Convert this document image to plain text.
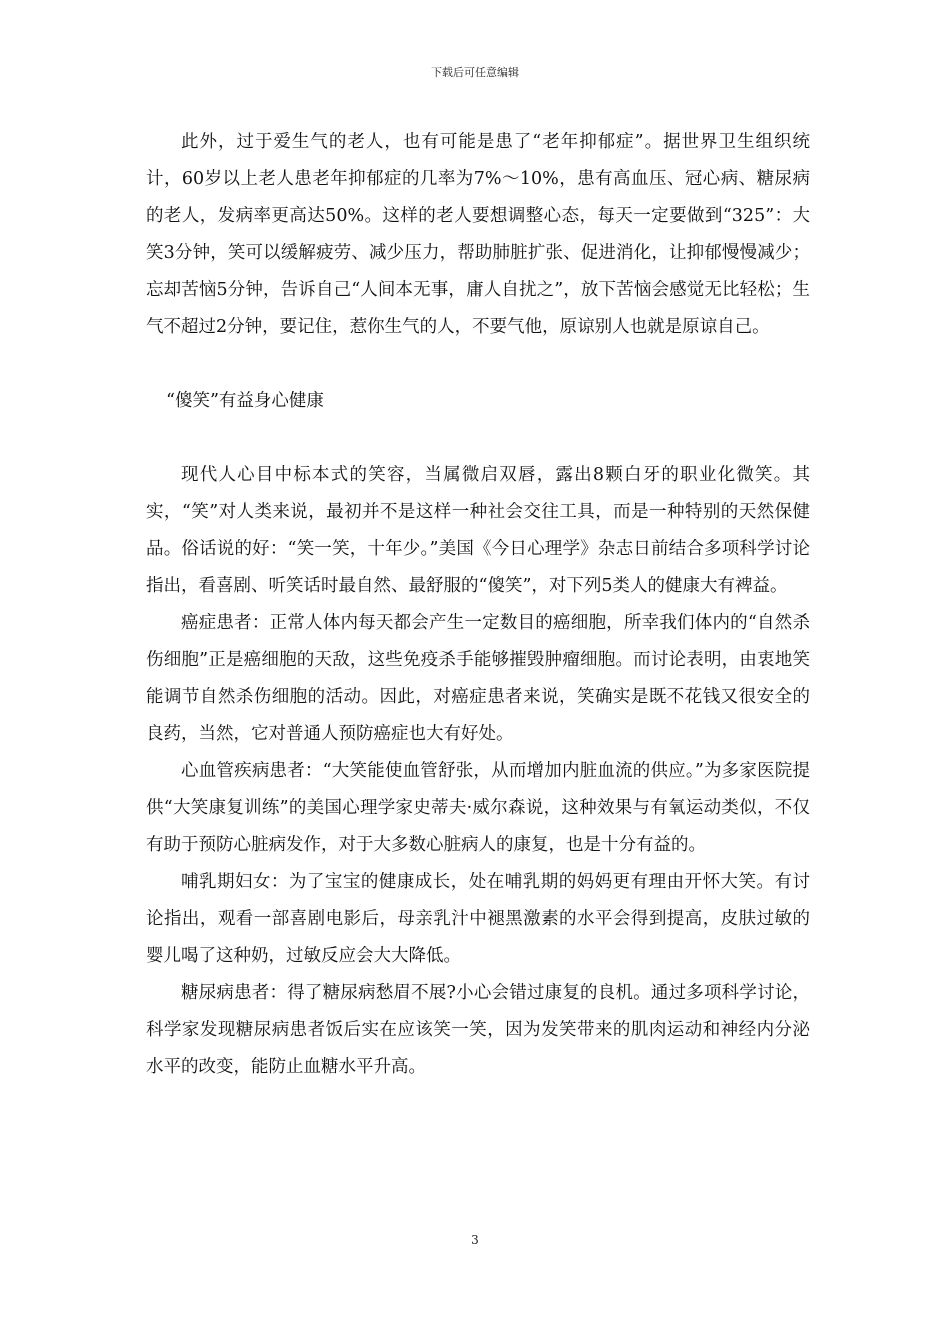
下载后可任意编辑

此外，过于爱生气的老人，也有可能是患了“老年抑郁症”。据世界卫生组织统计，60岁以上老人患老年抑郁症的几率为7%～10%，患有高血压、冠心病、糖尿病的老人，发病率更高达50%。这样的老人要想调整心态，每天一定要做到“325”：大笑3分钟，笑可以缓解疲劳、减少压力，帮助肺脏扩张、促进消化，让抑郁慢慢减少；忘却苦恼5分钟，告诉自己“人间本无事，庸人自扰之”，放下苦恼会感觉无比轻松；生气不超过2分钟，要记住，惹你生气的人，不要气他，原谅别人也就是原谅自己。

“傻笑”有益身心健康

现代人心目中标本式的笑容，当属微启双唇，露出8颗白牙的职业化微笑。其实，“笑”对人类来说，最初并不是这样一种社会交往工具，而是一种特别的天然保健品。俗话说的好：“笑一笑，十年少。”美国《今日心理学》杂志日前结合多项科学讨论指出，看喜剧、听笑话时最自然、最舒服的“傻笑”，对下列5类人的健康大有裨益。

癌症患者：正常人体内每天都会产生一定数目的癌细胞，所幸我们体内的“自然杀伤细胞”正是癌细胞的天敌，这些免疫杀手能够摧毁肿瘤细胞。而讨论表明，由衷地笑能调节自然杀伤细胞的活动。因此，对癌症患者来说，笑确实是既不花钱又很安全的良药，当然，它对普通人预防癌症也大有好处。

心血管疾病患者：“大笑能使血管舒张，从而增加内脏血流的供应。”为多家医院提供“大笑康复训练”的美国心理学家史蒂夫·威尔森说，这种效果与有氧运动类似，不仅有助于预防心脏病发作，对于大多数心脏病人的康复，也是十分有益的。

哺乳期妇女：为了宝宝的健康成长，处在哺乳期的妈妈更有理由开怀大笑。有讨论指出，观看一部喜剧电影后，母亲乳汁中褪黑激素的水平会得到提高，皮肤过敏的婴儿喝了这种奶，过敏反应会大大降低。

糖尿病患者：得了糖尿病愁眉不展?小心会错过康复的良机。通过多项科学讨论，科学家发现糖尿病患者饭后实在应该笑一笑，因为发笑带来的肌肉运动和神经内分泌水平的改变，能防止血糖水平升高。

3
